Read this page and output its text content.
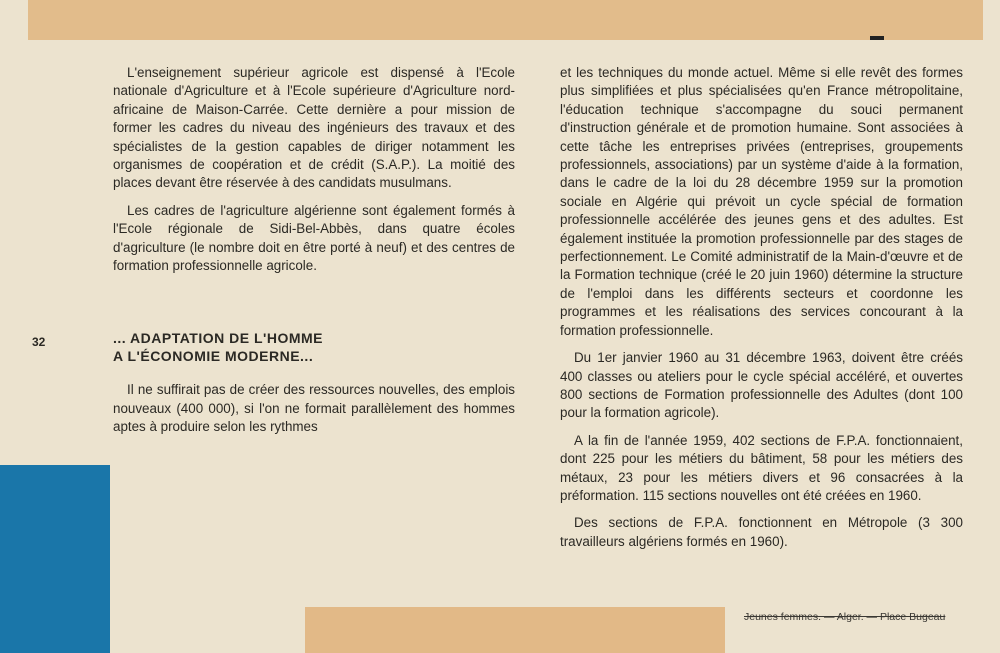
32

L'enseignement supérieur agricole est dispensé à l'Ecole nationale d'Agriculture et à l'Ecole supérieure d'Agriculture nord-africaine de Maison-Carrée. Cette dernière a pour mission de former les cadres du niveau des ingénieurs des travaux et des spécialistes de la gestion capables de diriger notamment les organismes de coopération et de crédit (S.A.P.). La moitié des places devant être réservée à des candidats musulmans.

Les cadres de l'agriculture algérienne sont également formés à l'Ecole régionale de Sidi-Bel-Abbès, dans quatre écoles d'agriculture (le nombre doit en être porté à neuf) et des centres de formation professionnelle agricole.

... ADAPTATION DE L'HOMME
A L'ÉCONOMIE MODERNE...

Il ne suffirait pas de créer des ressources nouvelles, des emplois nouveaux (400 000), si l'on ne formait parallèlement des hommes aptes à produire selon les rythmes

et les techniques du monde actuel. Même si elle revêt des formes plus simplifiées et plus spécialisées qu'en France métropolitaine, l'éducation technique s'accompagne du souci permanent d'instruction générale et de promotion humaine. Sont associées à cette tâche les entreprises privées (entreprises, groupements professionnels, associations) par un système d'aide à la formation, dans le cadre de la loi du 28 décembre 1959 sur la promotion sociale en Algérie qui prévoit un cycle spécial de formation professionnelle accélérée des jeunes gens et des adultes. Est également instituée la promotion professionnelle par des stages de perfectionnement. Le Comité administratif de la Main-d'œuvre et de la Formation technique (créé le 20 juin 1960) détermine la structure de l'emploi dans les différents secteurs et coordonne les programmes et les réalisations des services concourant à la formation professionnelle.

Du 1er janvier 1960 au 31 décembre 1963, doivent être créés 400 classes ou ateliers pour le cycle spécial accéléré, et ouvertes 800 sections de Formation professionnelle des Adultes (dont 100 pour la formation agricole).

A la fin de l'année 1959, 402 sections de F.P.A. fonctionnaient, dont 225 pour les métiers du bâtiment, 58 pour les métiers des métaux, 23 pour les métiers divers et 96 consacrées à la préformation. 115 sections nouvelles ont été créées en 1960.

Des sections de F.P.A. fonctionnent en Métropole (3 300 travailleurs algériens formés en 1960).

Jeunes femmes. — Alger. — Place Bugeau
